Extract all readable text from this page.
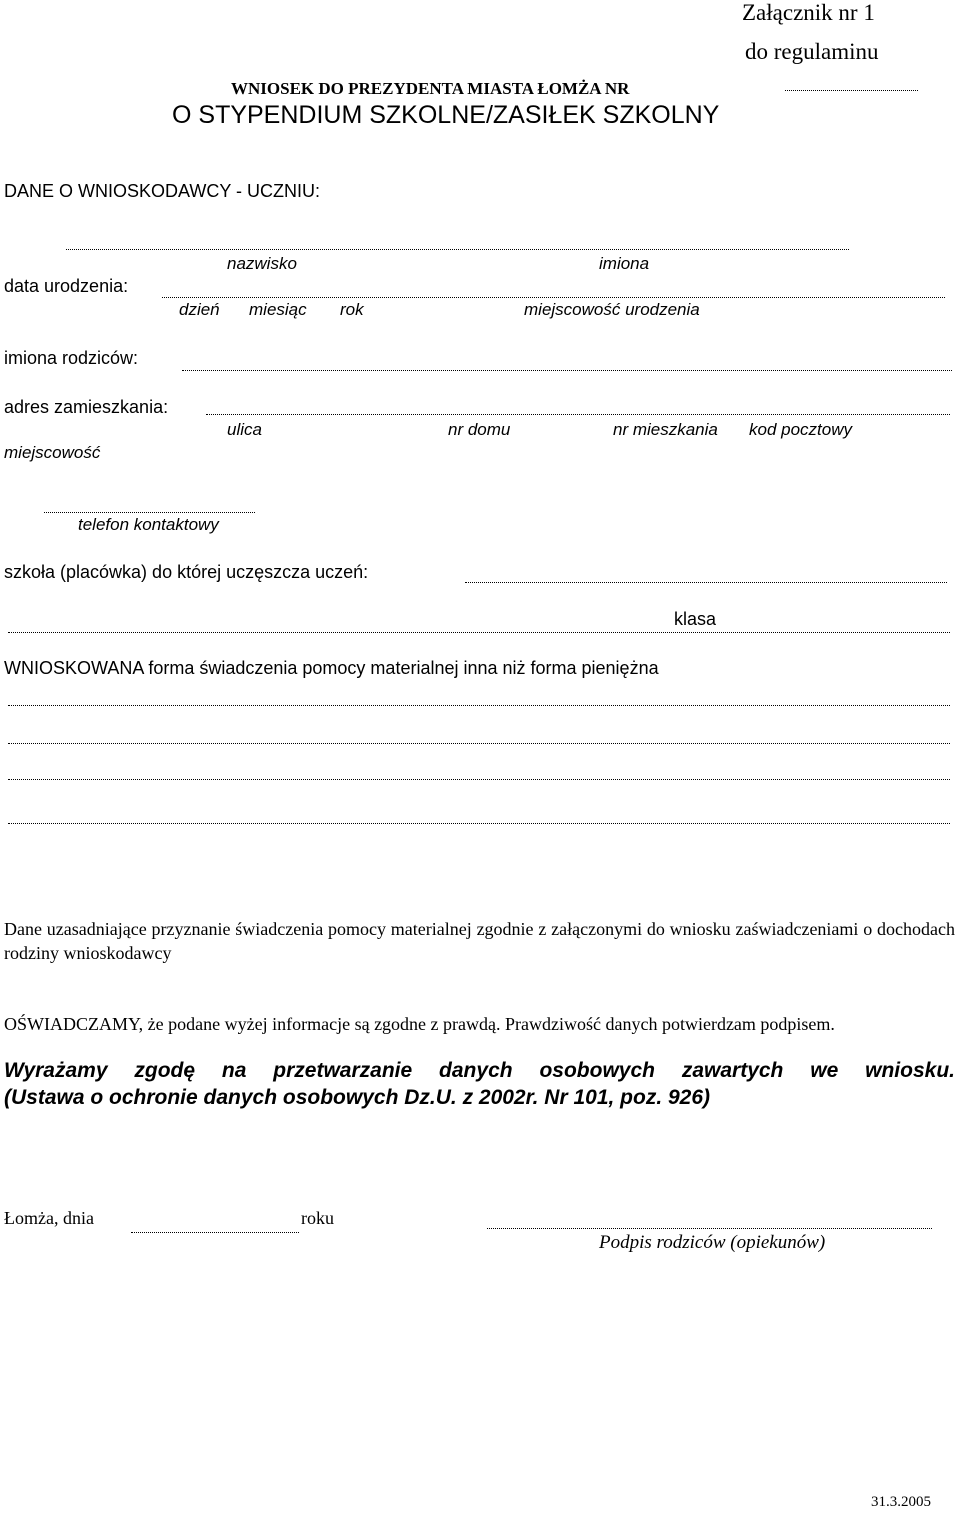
Załącznik nr 1
do regulaminu
WNIOSEK DO PREZYDENTA MIASTA ŁOMŻA NR
O STYPENDIUM SZKOLNE/ZASIŁEK SZKOLNY
DANE O WNIOSKODAWCY - UCZNIU:
nazwisko	imiona
data urodzenia:
dzień miesiąc rok	miejscowość urodzenia
imiona rodziców:
adres zamieszkania:
ulica	nr domu	nr mieszkania kod pocztowy
miejscowość
telefon kontaktowy
szkoła (placówka) do której uczęszcza uczeń:
klasa
WNIOSKOWANA forma świadczenia pomocy materialnej inna niż forma pieniężna
Dane uzasadniające przyznanie świadczenia pomocy materialnej zgodnie z załączonymi do wniosku zaświadczeniami o dochodach rodziny wnioskodawcy
OŚWIADCZAMY, że podane wyżej informacje są zgodne z prawdą. Prawdziwość danych potwierdzam podpisem.
Wyrażamy zgodę na przetwarzanie danych osobowych zawartych we wniosku.
(Ustawa o ochronie danych osobowych Dz.U. z 2002r. Nr 101, poz. 926)
Łomża, dnia	roku
Podpis rodziców (opiekunów)
31.3.2005
